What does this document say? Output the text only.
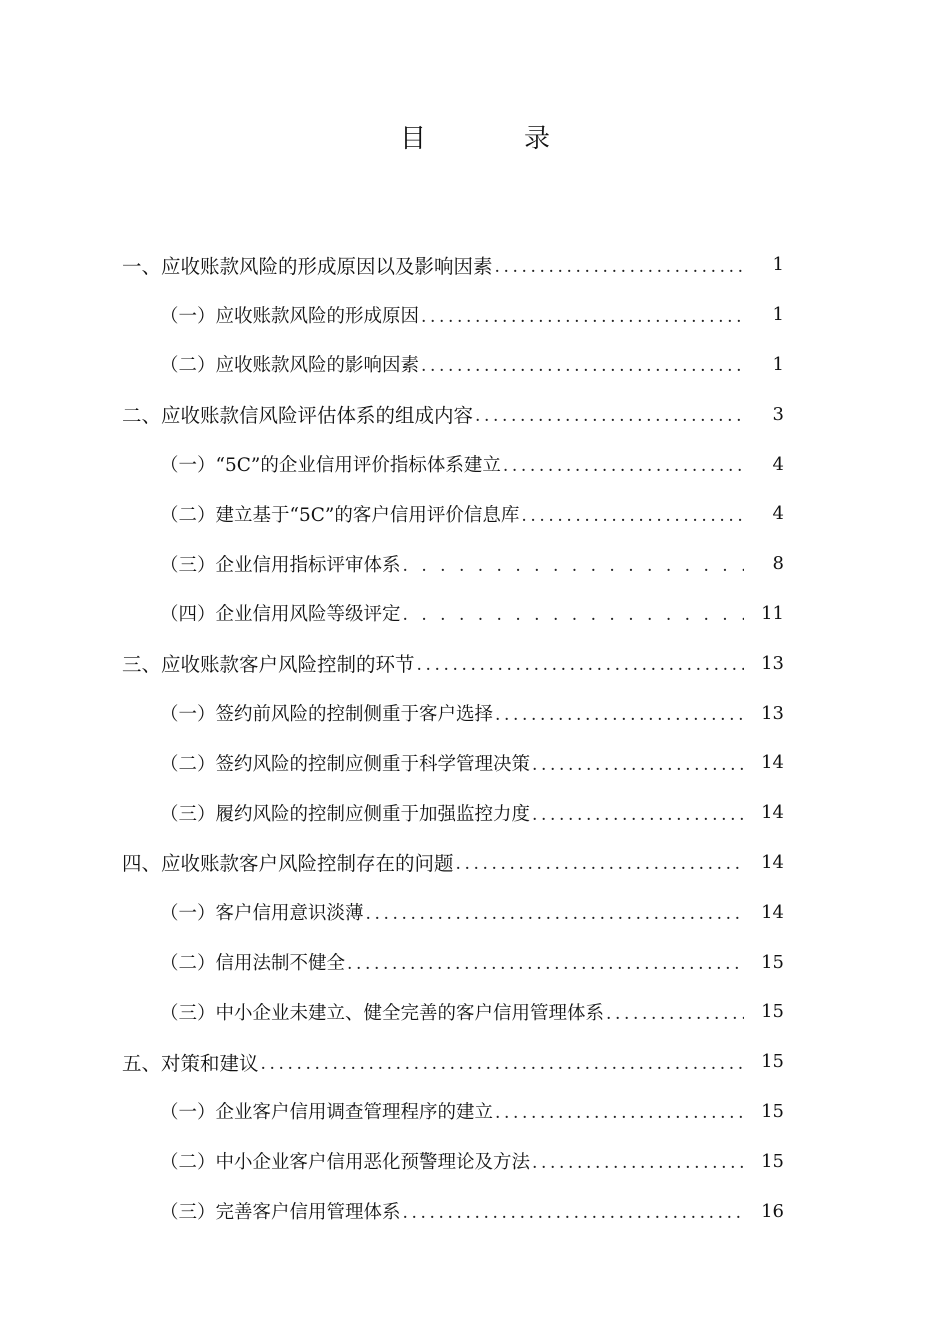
目　录
一、应收账款风险的形成原因以及影响因素 .....	1
（一）应收账款风险的形成原因 .....	1
（二）应收账款风险的影响因素 .....	1
二、应收账款信风险评估体系的组成内容 .....	3
（一）“5C”的企业信用评价指标体系建立 .....	4
（二）建立基于“5C”的客户信用评价信息库 .....	4
（三）企业信用指标评审体系 . . .	8
（四）企业信用风险等级评定 . . .	11
三、应收账款客户风险控制的环节 .....	13
（一）签约前风险的控制侧重于客户选择 .....	13
（二）签约风险的控制应侧重于科学管理决策 .....	14
（三）履约风险的控制应侧重于加强监控力度 .....	14
四、应收账款客户风险控制存在的问题 .....	14
（一）客户信用意识淡薄 .....	14
（二）信用法制不健全 .....	15
（三）中小企业未建立、健全完善的客户信用管理体系 .....	15
五、对策和建议 .....	15
（一）企业客户信用调查管理程序的建立 .....	15
（二）中小企业客户信用恶化预警理论及方法 .....	15
（三）完善客户信用管理体系 .....	16
